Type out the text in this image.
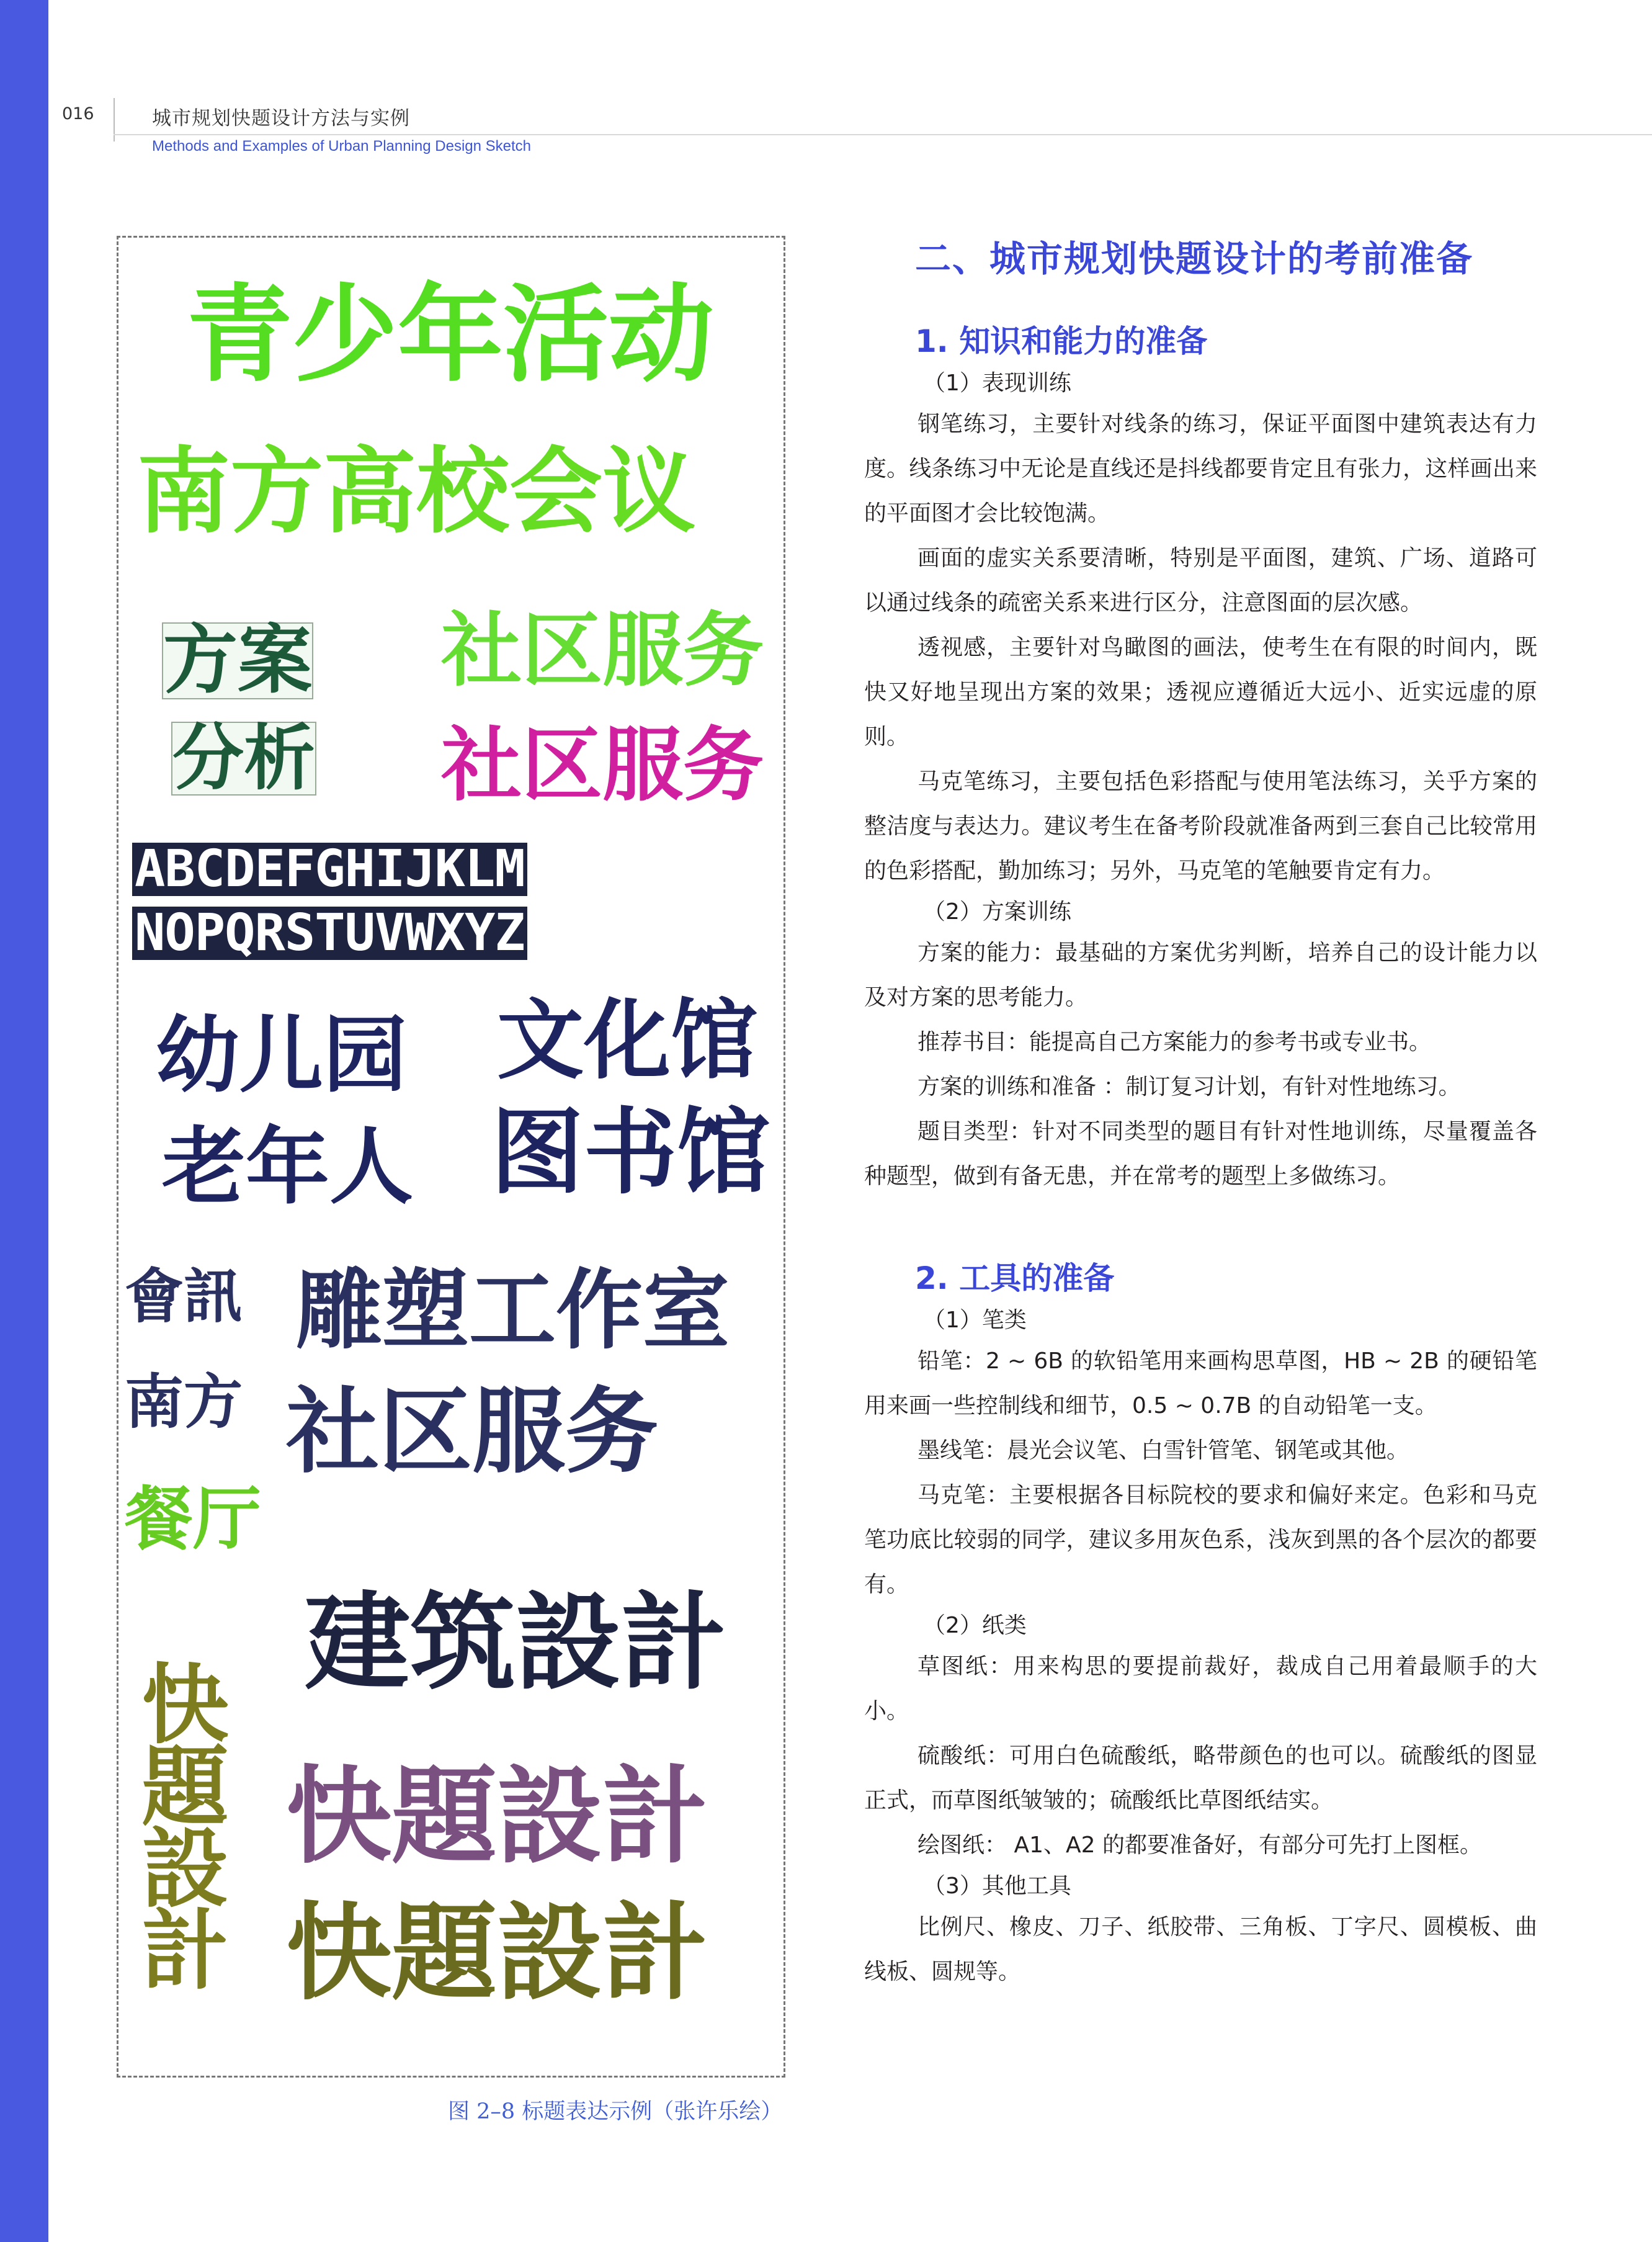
016	城市规划快题设计方法与实例
Methods and Examples of Urban Planning Design Sketch
青少年活动
南方高校会议
方案
分析
社区服务
社区服务
ABCDEFGHIJKLM
NOPQRSTUVWXYZ
幼儿园 文化馆
老年人 图书馆
會訊 雕塑工作室
南方 社区服务
餐厅
建筑設計
快題設計 快題設計
快題設計
图 2–8 标题表达示例（张许乐绘）
二、城市规划快题设计的考前准备
1. 知识和能力的准备
（1）表现训练

钢笔练习，主要针对线条的练习，保证平面图中建筑表达有力度。线条练习中无论是直线还是抖线都要肯定且有张力，这样画出来的平面图才会比较饱满。

画面的虚实关系要清晰，特别是平面图，建筑、广场、道路可以通过线条的疏密关系来进行区分，注意图面的层次感。

透视感，主要针对鸟瞰图的画法，使考生在有限的时间内，既快又好地呈现出方案的效果；透视应遵循近大远小、近实远虚的原则。

马克笔练习，主要包括色彩搭配与使用笔法练习，关乎方案的整洁度与表达力。建议考生在备考阶段就准备两到三套自己比较常用的色彩搭配，勤加练习；另外，马克笔的笔触要肯定有力。

（2）方案训练

方案的能力：最基础的方案优劣判断，培养自己的设计能力以及对方案的思考能力。

推荐书目：能提高自己方案能力的参考书或专业书。

方案的训练和准备 ：制订复习计划，有针对性地练习。

题目类型：针对不同类型的题目有针对性地训练，尽量覆盖各种题型，做到有备无患，并在常考的题型上多做练习。

2. 工具的准备
（1）笔类

铅笔：2 ~ 6B 的软铅笔用来画构思草图，HB ~ 2B 的硬铅笔用来画一些控制线和细节，0.5 ~ 0.7B 的自动铅笔一支。

墨线笔：晨光会议笔、白雪针管笔、钢笔或其他。

马克笔：主要根据各目标院校的要求和偏好来定。色彩和马克笔功底比较弱的同学，建议多用灰色系，浅灰到黑的各个层次的都要有。

（2）纸类

草图纸：用来构思的要提前裁好，裁成自己用着最顺手的大小。

硫酸纸：可用白色硫酸纸，略带颜色的也可以。硫酸纸的图显正式，而草图纸皱皱的；硫酸纸比草图纸结实。

绘图纸： A1、A2 的都要准备好，有部分可先打上图框。

（3）其他工具

比例尺、橡皮、刀子、纸胶带、三角板、丁字尺、圆模板、曲线板、圆规等。
